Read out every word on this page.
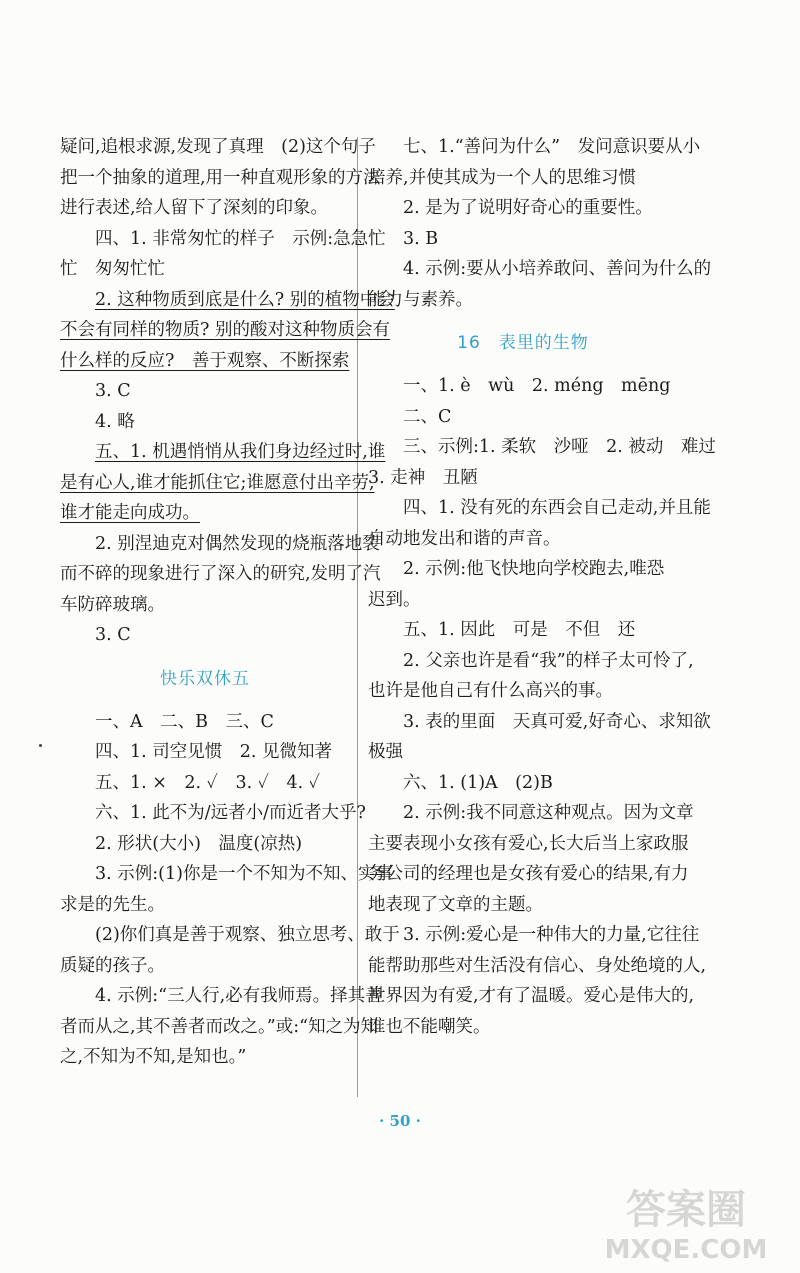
疑问,追根求源,发现了真理　(2)这个句子
把一个抽象的道理,用一种直观形象的方法
进行表述,给人留下了深刻的印象。
四、1. 非常匆忙的样子　示例:急急忙
忙　匆匆忙忙
2. 这种物质到底是什么? 别的植物中会
不会有同样的物质? 别的酸对这种物质会有
什么样的反应?　善于观察、不断探索
3. C
4. 略
五、1. 机遇悄悄从我们身边经过时,谁
是有心人,谁才能抓住它;谁愿意付出辛劳,
谁才能走向成功。
2. 别涅迪克对偶然发现的烧瓶落地裂
而不碎的现象进行了深入的研究,发明了汽
车防碎玻璃。
3. C
快乐双休五
一、A　二、B　三、C
四、1. 司空见惯　2. 见微知著
五、1. ×　2. ✓　3. ✓　4. ✓
六、1. 此不为/远者小/而近者大乎?
2. 形状(大小)　温度(凉热)
3. 示例:(1)你是一个不知为不知、实事
求是的先生。
(2)你们真是善于观察、独立思考、敢于
质疑的孩子。
4. 示例:“三人行,必有我师焉。择其善
者而从之,其不善者而改之。”或:“知之为知
之,不知为不知,是知也。”
七、1.“善问为什么”　发问意识要从小
培养,并使其成为一个人的思维习惯
2. 是为了说明好奇心的重要性。
3. B
4. 示例:要从小培养敢问、善问为什么的
能力与素养。
16　表里的生物
一、1. è　wù　2. méng　mēng
二、C
三、示例:1. 柔软　沙哑　2. 被动　难过
3. 走神　丑陋
四、1. 没有死的东西会自己走动,并且能
自动地发出和谐的声音。
2. 示例:他飞快地向学校跑去,唯恐
迟到。
五、1. 因此　可是　不但　还
2. 父亲也许是看“我”的样子太可怜了,
也许是他自己有什么高兴的事。
3. 表的里面　天真可爱,好奇心、求知欲
极强
六、1. (1)A　(2)B
2. 示例:我不同意这种观点。因为文章
主要表现小女孩有爱心,长大后当上家政服
务公司的经理也是女孩有爱心的结果,有力
地表现了文章的主题。
3. 示例:爱心是一种伟大的力量,它往往
能帮助那些对生活没有信心、身处绝境的人,
世界因为有爱,才有了温暖。爱心是伟大的,
谁也不能嘲笑。
· 50 ·
答案圈
MXQE.COM
